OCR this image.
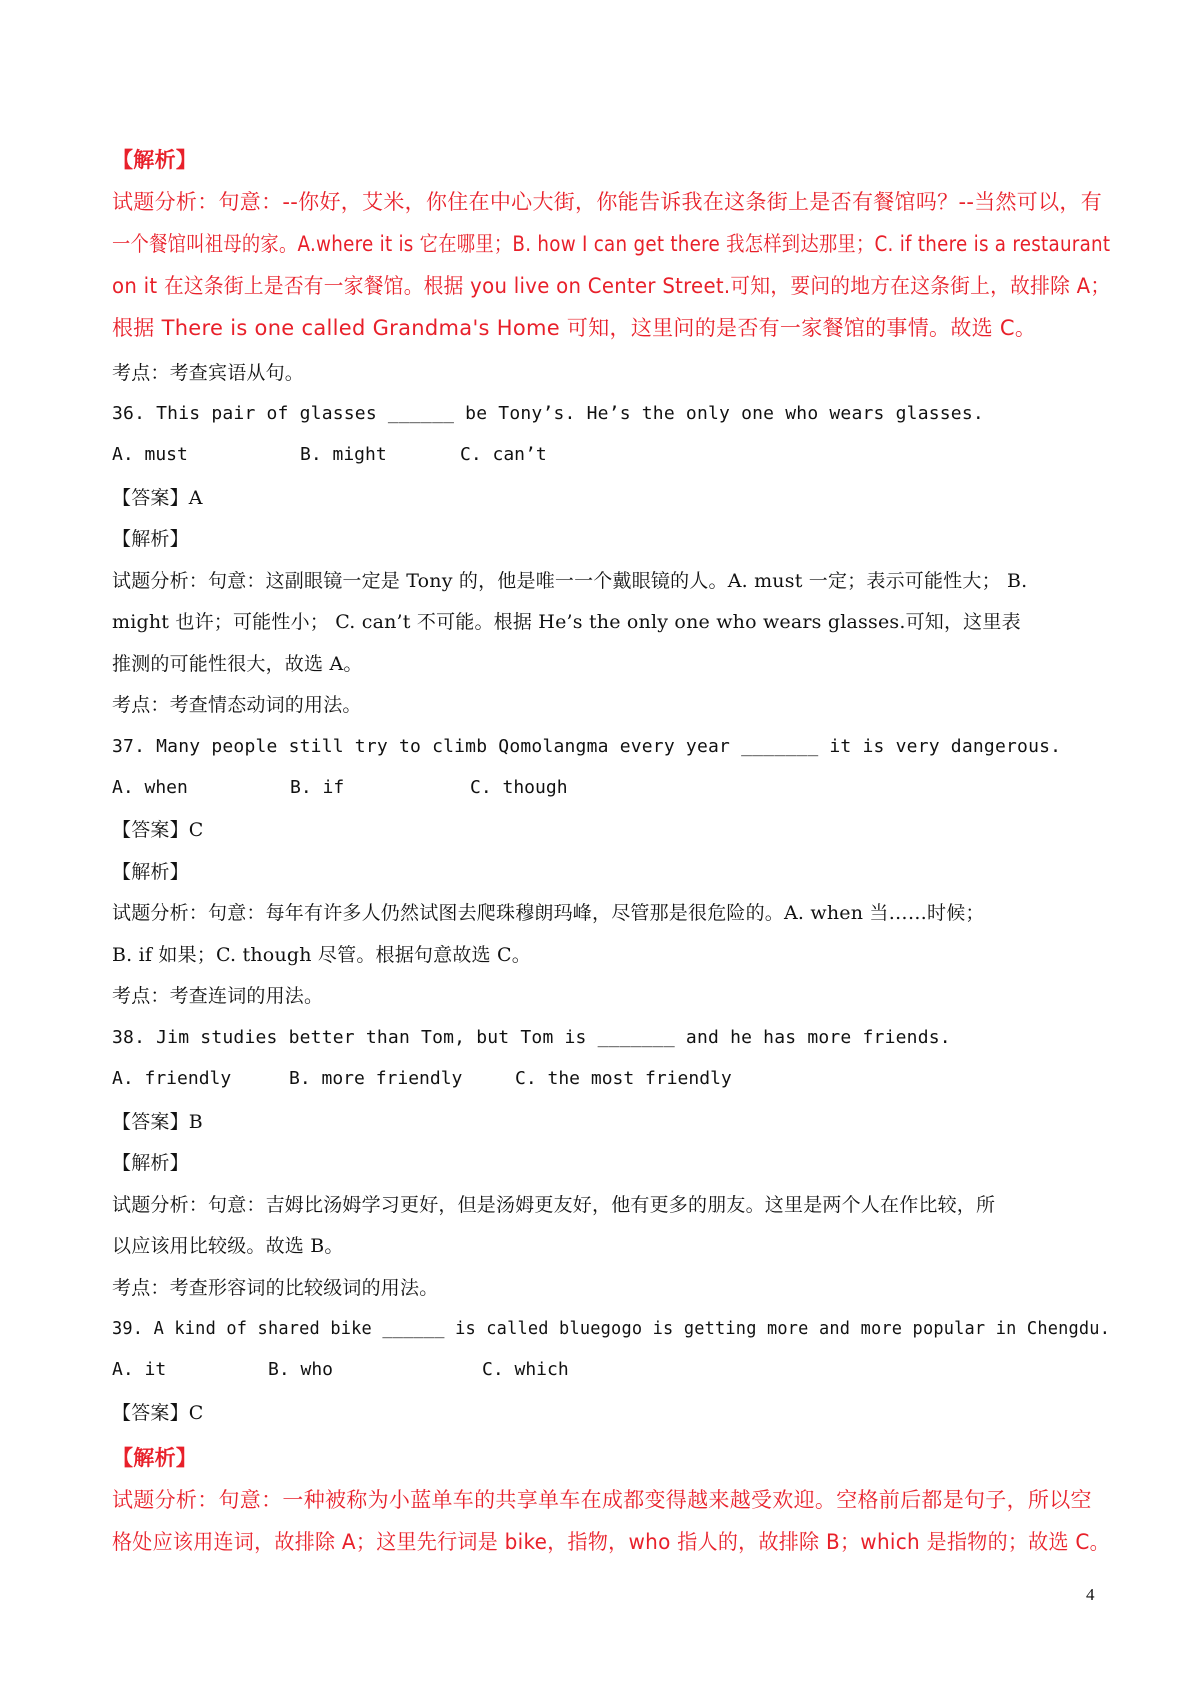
【解析】
试题分析：句意：--你好，艾米，你住在中心大街，你能告诉我在这条街上是否有餐馆吗？--当然可以，有
一个餐馆叫祖母的家。A.where it is 它在哪里；B. how I can get there 我怎样到达那里；C. if there is a restaurant
on it 在这条街上是否有一家餐馆。根据 you live on Center Street.可知，要问的地方在这条街上，故排除 A；
根据 There is one called Grandma's Home 可知，这里问的是否有一家餐馆的事情。故选 C。
考点：考查宾语从句。
36. This pair of glasses ______ be Tony’s. He’s the only one who wears glasses.
A. must	B. might	C. can’t
【答案】A
【解析】
试题分析：句意：这副眼镜一定是 Tony 的，他是唯一一个戴眼镜的人。A. must 一定；表示可能性大； B.
might 也许；可能性小； C. can’t 不可能。根据 He’s the only one who wears glasses.可知，这里表
推测的可能性很大，故选 A。
考点：考查情态动词的用法。
37. Many people still try to climb Qomolangma every year _______ it is very dangerous.
A. when	B. if	C. though
【答案】C
【解析】
试题分析：句意：每年有许多人仍然试图去爬珠穆朗玛峰，尽管那是很危险的。A. when 当……时候；
B. if 如果；C. though 尽管。根据句意故选 C。
考点：考查连词的用法。
38. Jim studies better than Tom, but Tom is _______ and he has more friends.
A. friendly	B. more friendly	C. the most friendly
【答案】B
【解析】
试题分析：句意：吉姆比汤姆学习更好，但是汤姆更友好，他有更多的朋友。这里是两个人在作比较，所
以应该用比较级。故选 B。
考点：考查形容词的比较级词的用法。
39. A kind of shared bike ______ is called bluegogo is getting more and more popular in Chengdu.
A. it	B. who	C. which
【答案】C
【解析】
试题分析：句意：一种被称为小蓝单车的共享单车在成都变得越来越受欢迎。空格前后都是句子，所以空
格处应该用连词，故排除 A；这里先行词是 bike，指物，who 指人的，故排除 B；which 是指物的；故选 C。
4
